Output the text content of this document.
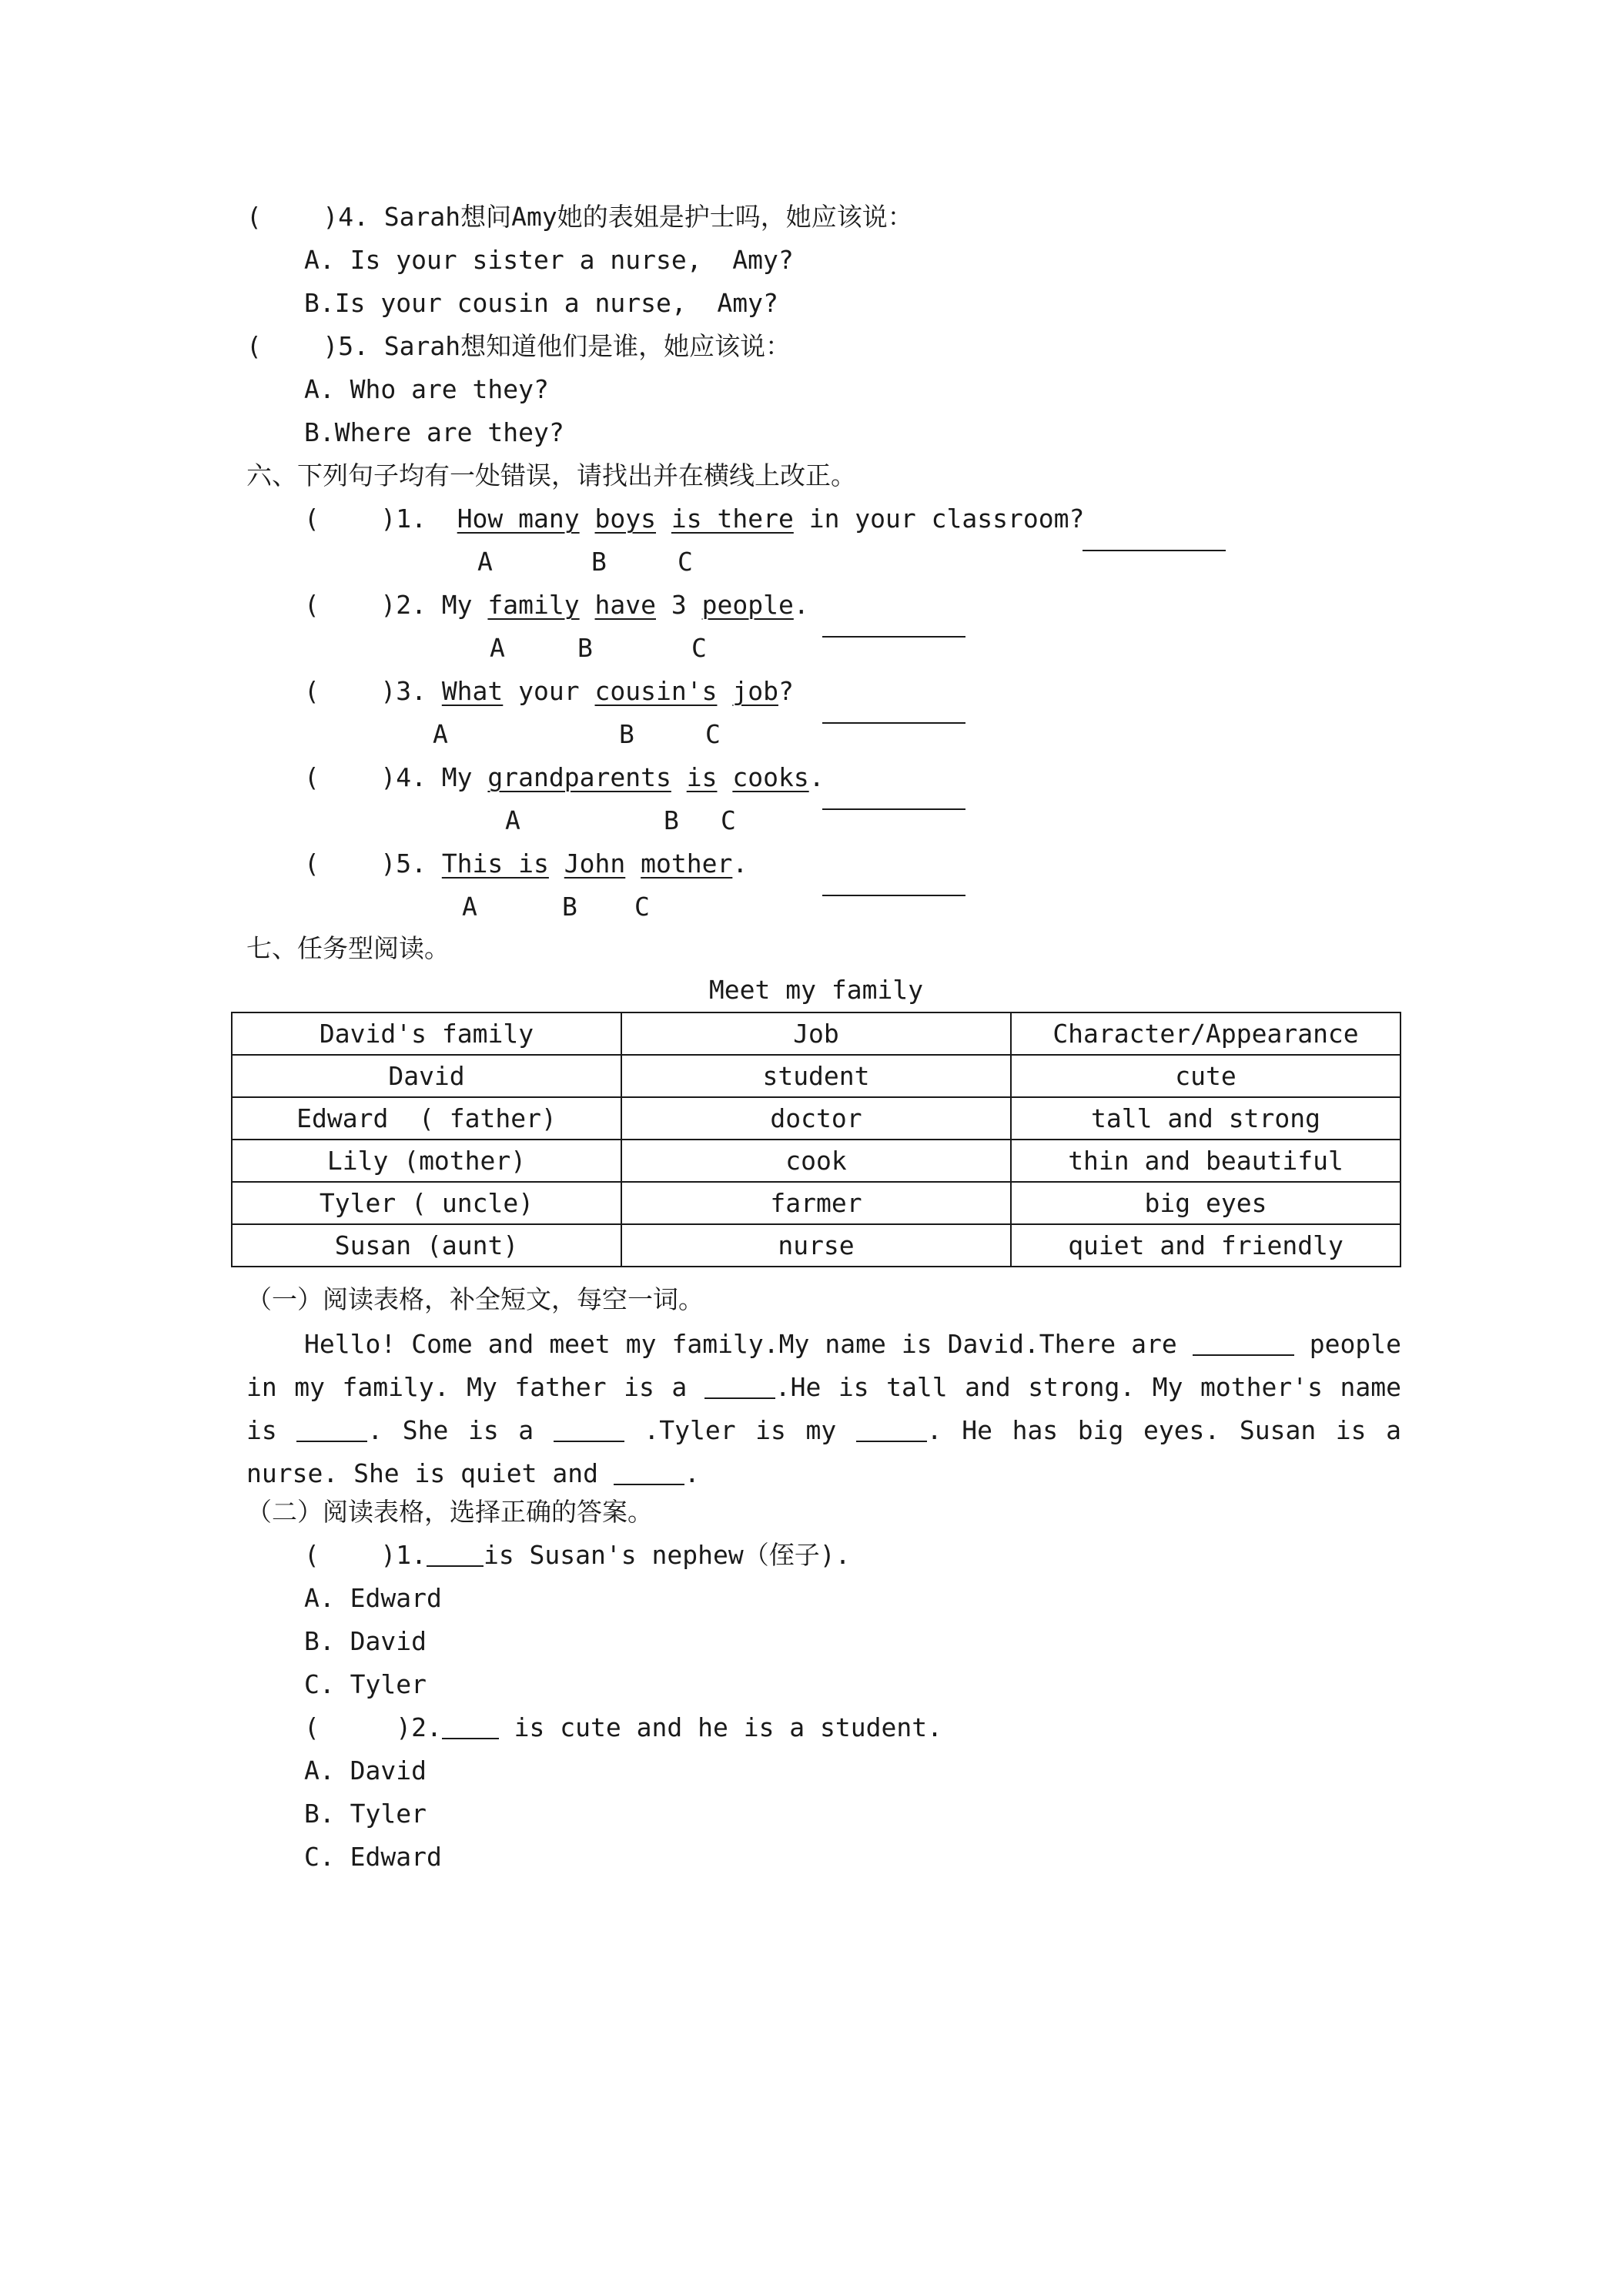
(    )4. Sarah想问Amy她的表姐是护士吗，她应该说：
A. Is your sister a nurse,  Amy?
B.Is your cousin a nurse,  Amy?
(    )5. Sarah想知道他们是谁，她应该说：
A. Who are they?
B.Where are they?
六、下列句子均有一处错误，请找出并在横线上改正。
(    )1.  How many boys is there in your classroom?
A	B	C
(    )2. My family have 3 people.
A	B	C
(    )3. What your cousin's job?
A	B	C
(    )4. My grandparents is cooks.
A	B C
(    )5. This is John mother.
A	B C
七、任务型阅读。
Meet my family
David's family	Job	Character/Appearance
David	student	cute
Edward  ( father)	doctor	tall and strong
Lily (mother)	cook	thin and beautiful
Tyler ( uncle)	farmer	big eyes
Susan (aunt)	nurse	quiet and friendly
（一）阅读表格，补全短文，每空一词。
Hello! Come and meet my family.My name is David.There are	people in my family. My father is a	.He is tall and strong. My mother's name is	. She is a	.Tyler is my	. He has big eyes. Susan is a nurse. She is quiet and	.
（二）阅读表格，选择正确的答案。
(    )1. is Susan's nephew（侄子).
A. Edward
B. David
C. Tyler
(     )2. is cute and he is a student.
A. David
B. Tyler
C. Edward
